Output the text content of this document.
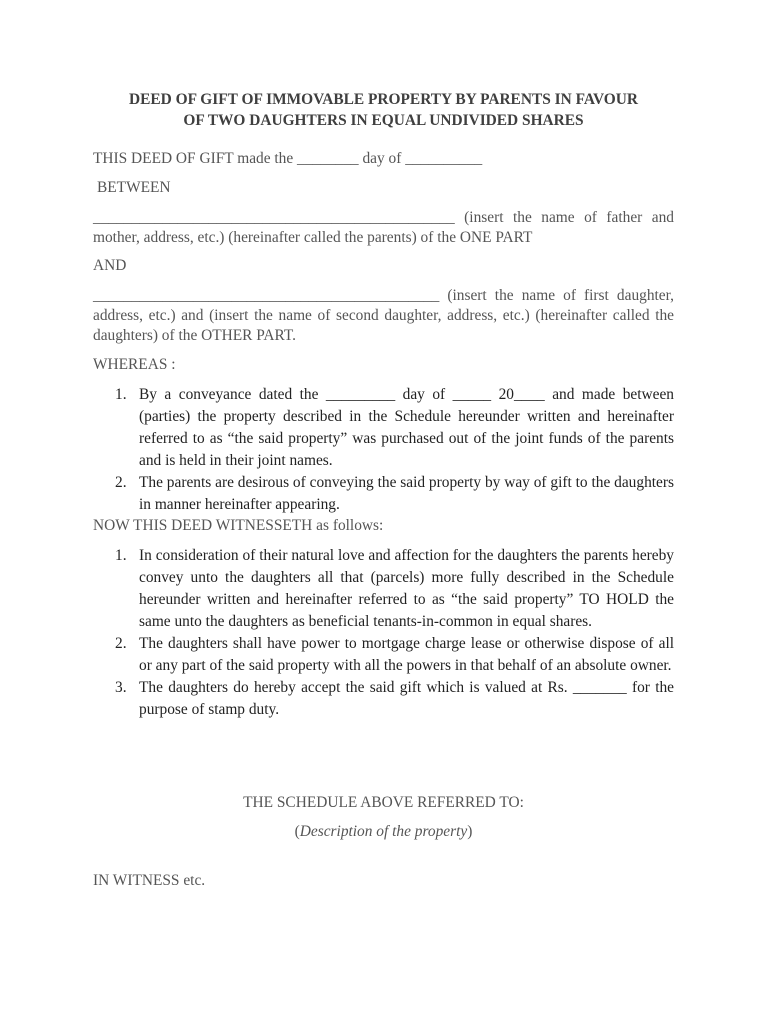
DEED OF GIFT OF IMMOVABLE PROPERTY BY PARENTS IN FAVOUR
OF TWO DAUGHTERS IN EQUAL UNDIVIDED SHARES
THIS DEED OF GIFT made the ________ day of __________
BETWEEN
_______________________________________________ (insert the name of father and mother, address, etc.) (hereinafter called the parents) of the ONE PART
AND
_____________________________________________ (insert the name of first daughter, address, etc.) and (insert the name of second daughter, address, etc.) (hereinafter called the daughters) of the OTHER PART.
WHEREAS :
1. By a conveyance dated the _________ day of _____ 20____ and made between (parties) the property described in the Schedule hereunder written and hereinafter referred to as “the said property” was purchased out of the joint funds of the parents and is held in their joint names.
2. The parents are desirous of conveying the said property by way of gift to the daughters in manner hereinafter appearing.
NOW THIS DEED WITNESSETH as follows:
1. In consideration of their natural love and affection for the daughters the parents hereby convey unto the daughters all that (parcels) more fully described in the Schedule hereunder written and hereinafter referred to as “the said property” TO HOLD the same unto the daughters as beneficial tenants-in-common in equal shares.
2. The daughters shall have power to mortgage charge lease or otherwise dispose of all or any part of the said property with all the powers in that behalf of an absolute owner.
3. The daughters do hereby accept the said gift which is valued at Rs. _______ for the purpose of stamp duty.
THE SCHEDULE ABOVE REFERRED TO:
(Description of the property)
IN WITNESS etc.
